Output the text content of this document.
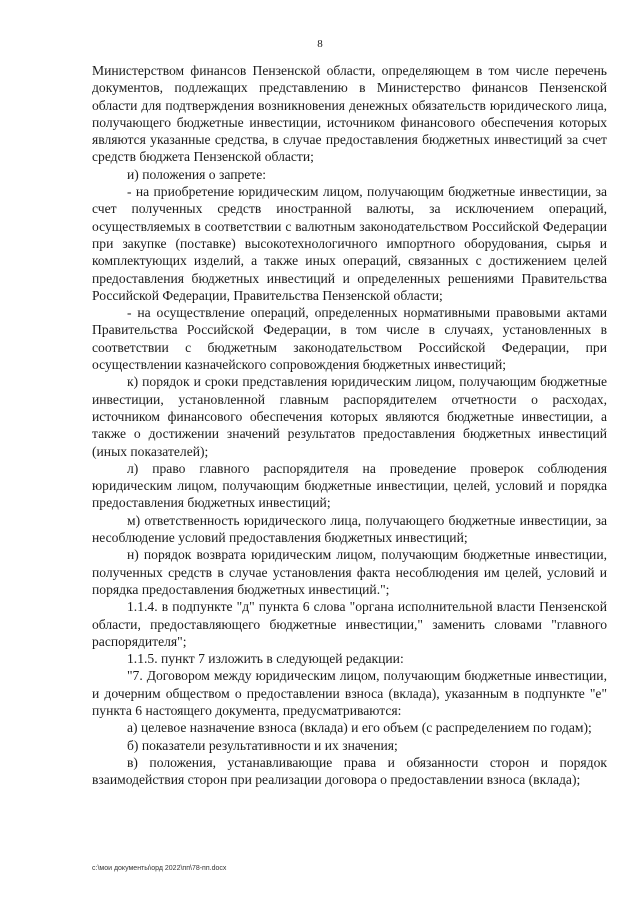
8

Министерством финансов Пензенской области, определяющем в том числе перечень документов, подлежащих представлению в Министерство финансов Пензенской области для подтверждения возникновения денежных обязательств юридического лица, получающего бюджетные инвестиции, источником финансового обеспечения которых являются указанные средства, в случае предоставления бюджетных инвестиций за счет средств бюджета Пензенской области;

и) положения о запрете:

- на приобретение юридическим лицом, получающим бюджетные инвестиции, за счет полученных средств иностранной валюты, за исключением операций, осуществляемых в соответствии с валютным законодательством Российской Федерации при закупке (поставке) высокотехнологичного импортного оборудования, сырья и комплектующих изделий, а также иных операций, связанных с достижением целей предоставления бюджетных инвестиций и определенных решениями Правительства Российской Федерации, Правительства Пензенской области;

- на осуществление операций, определенных нормативными правовыми актами Правительства Российской Федерации, в том числе в случаях, установленных в соответствии с бюджетным законодательством Российской Федерации, при осуществлении казначейского сопровождения бюджетных инвестиций;

к) порядок и сроки представления юридическим лицом, получающим бюджетные инвестиции, установленной главным распорядителем отчетности о расходах, источником финансового обеспечения которых являются бюджетные инвестиции, а также о достижении значений результатов предоставления бюджетных инвестиций (иных показателей);

л) право главного распорядителя на проведение проверок соблюдения юридическим лицом, получающим бюджетные инвестиции, целей, условий и порядка предоставления бюджетных инвестиций;

м) ответственность юридического лица, получающего бюджетные инвестиции, за несоблюдение условий предоставления бюджетных инвестиций;

н) порядок возврата юридическим лицом, получающим бюджетные инвестиции, полученных средств в случае установления факта несоблюдения им целей, условий и порядка предоставления бюджетных инвестиций.";

1.1.4. в подпункте "д" пункта 6 слова "органа исполнительной власти Пензенской области, предоставляющего бюджетные инвестиции," заменить словами "главного распорядителя";

1.1.5. пункт 7 изложить в следующей редакции:

"7. Договором между юридическим лицом, получающим бюджетные инвестиции, и дочерним обществом о предоставлении взноса (вклада), указанным в подпункте "е" пункта 6 настоящего документа, предусматриваются:

а) целевое назначение взноса (вклада) и его объем (с распределением по годам);

б) показатели результативности и их значения;

в) положения, устанавливающие права и обязанности сторон и порядок взаимодействия сторон при реализации договора о предоставлении взноса (вклада);

c:\мои документы\орд 2022\пп\78-пп.docx
